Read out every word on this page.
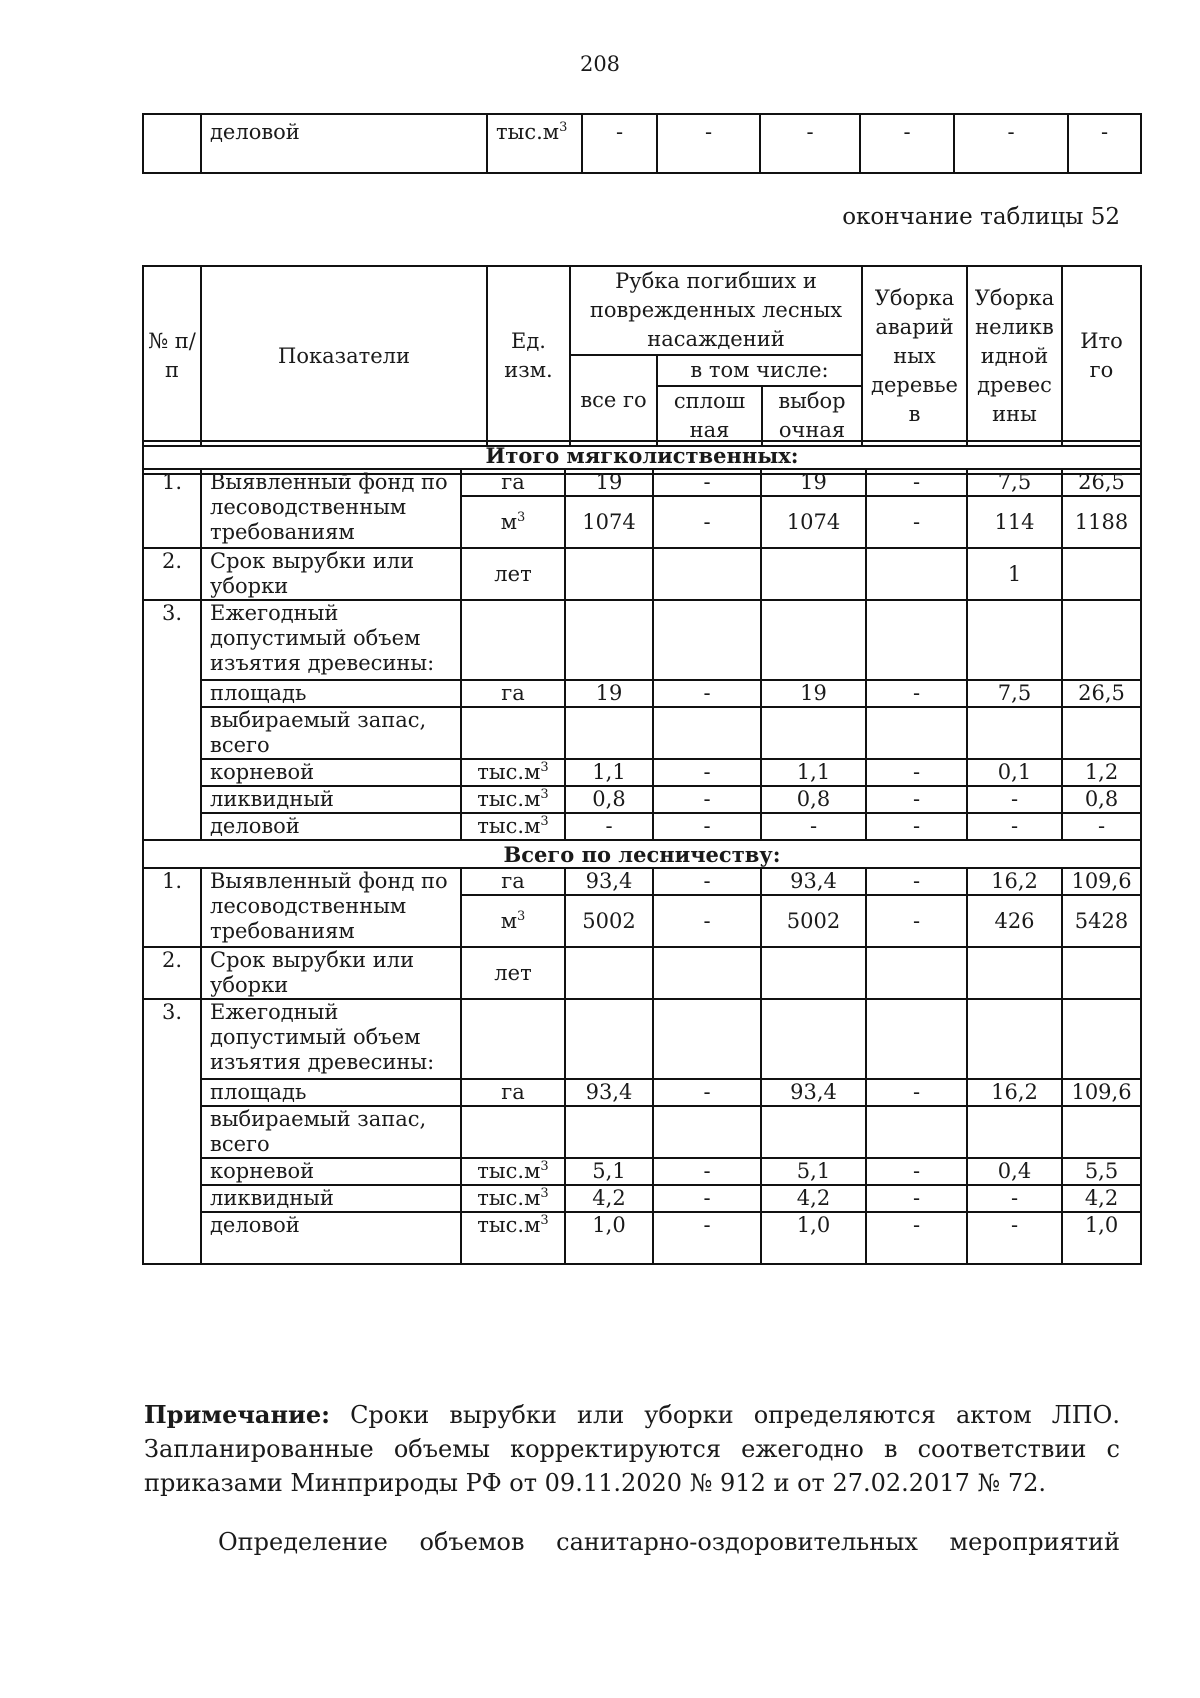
208
	деловой	$тыс.м^3$	-	-	-	-	-	-
окончание таблицы 52
№ п/п	Показатели	Ед. изм.	Рубка погибших и поврежденных лесных насаждений			Уборка аварий ных деревье в	Уборка неликв идной древес ины	Ито го
			все го	в том числе:				
				сплош ная	выбор очная			

Итого мягколиственных:								
1.	Выявленный фонд по лесоводственным требованиям	га	19	-	19	-	7,5	26,5
		$м^3$	1074	-	1074	-	114	1188
2.	Срок вырубки или уборки	лет					1	
3.	Ежегодный допустимый объем изъятия древесины:							
	площадь	га	19	-	19	-	7,5	26,5
	выбираемый запас, всего							
	корневой	$тыс.м^3$	1,1	-	1,1	-	0,1	1,2
	ликвидный	$тыс.м^3$	0,8	-	0,8	-	-	0,8
	деловой	$тыс.м^3$	-	-	-	-	-	-
Всего по лесничеству:								
1.	Выявленный фонд по лесоводственным требованиям	га	93,4	-	93,4	-	16,2	109,6
		$м^3$	5002	-	5002	-	426	5428
2.	Срок вырубки или уборки	лет						
3.	Ежегодный допустимый объем изъятия древесины:							
	площадь	га	93,4	-	93,4	-	16,2	109,6
	выбираемый запас, всего							
	корневой	$тыс.м^3$	5,1	-	5,1	-	0,4	5,5
	ликвидный	$тыс.м^3$	4,2	-	4,2	-	-	4,2
	деловой	$тыс.м^3$	1,0	-	1,0	-	-	1,0
Примечание: Сроки вырубки или уборки определяются актом ЛПО. Запланированные объемы корректируются ежегодно в соответствии с приказами Минприроды РФ от 09.11.2020 № 912 и от 27.02.2017 № 72.
Определение объемов санитарно-оздоровительных мероприятий
